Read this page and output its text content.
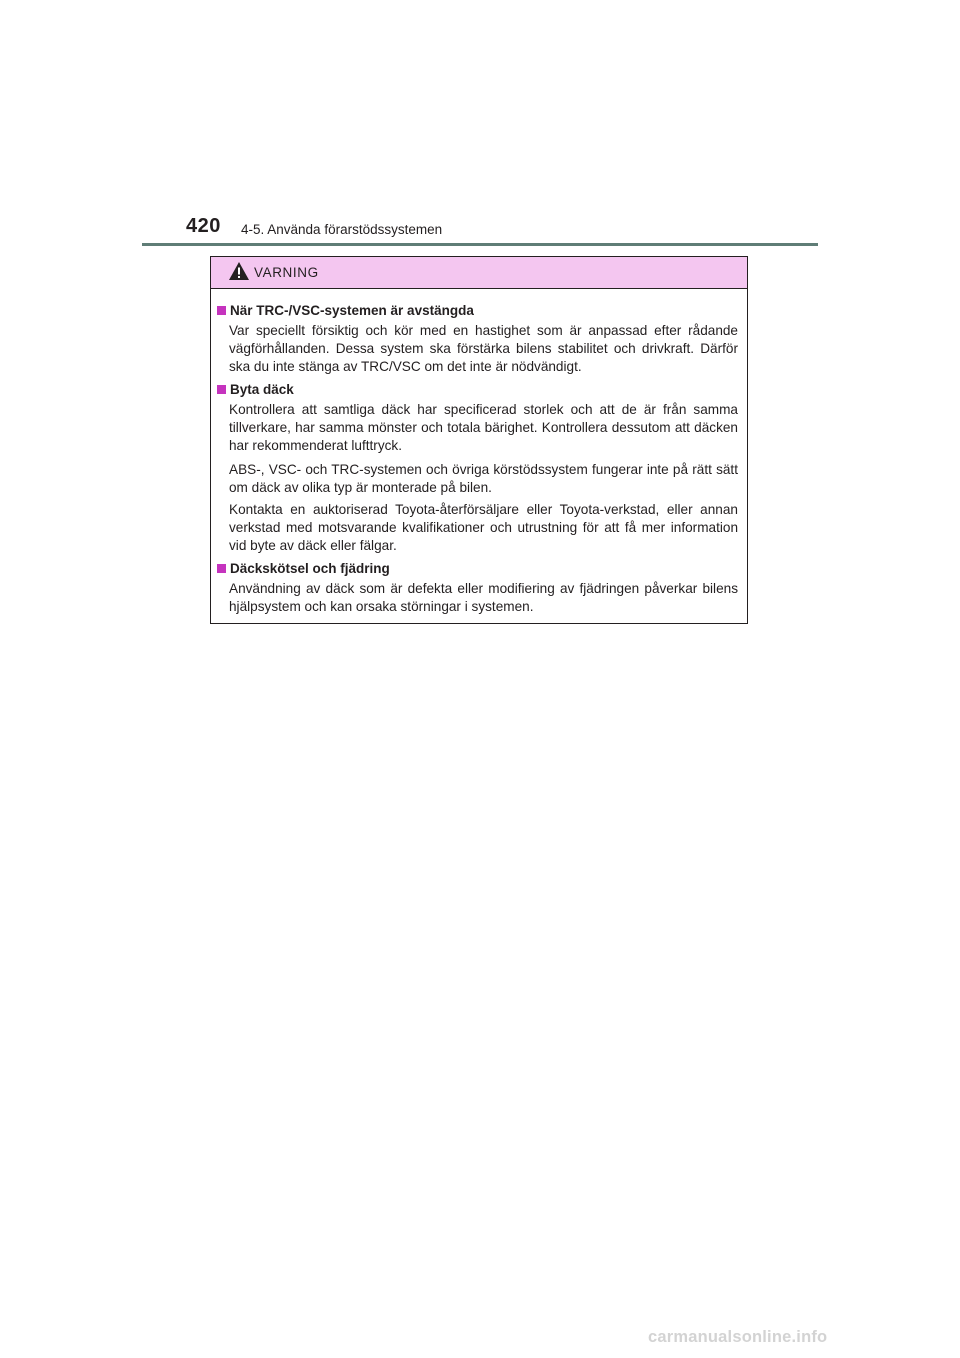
420 4-5. Använda förarstödssystemen
VARNING
När TRC-/VSC-systemen är avstängda

Var speciellt försiktig och kör med en hastighet som är anpassad efter rådande vägförhållanden. Dessa system ska förstärka bilens stabilitet och drivkraft. Därför ska du inte stänga av TRC/VSC om det inte är nödvändigt.

Byta däck

Kontrollera att samtliga däck har specificerad storlek och att de är från samma tillverkare, har samma mönster och totala bärighet. Kontrollera dessutom att däcken har rekommenderat lufttryck.

ABS-, VSC- och TRC-systemen och övriga körstödssystem fungerar inte på rätt sätt om däck av olika typ är monterade på bilen.

Kontakta en auktoriserad Toyota-återförsäljare eller Toyota-verkstad, eller annan verkstad med motsvarande kvalifikationer och utrustning för att få mer information vid byte av däck eller fälgar.

Däckskötsel och fjädring

Användning av däck som är defekta eller modifiering av fjädringen påverkar bilens hjälpsystem och kan orsaka störningar i systemen.

carmanualsonline.info
